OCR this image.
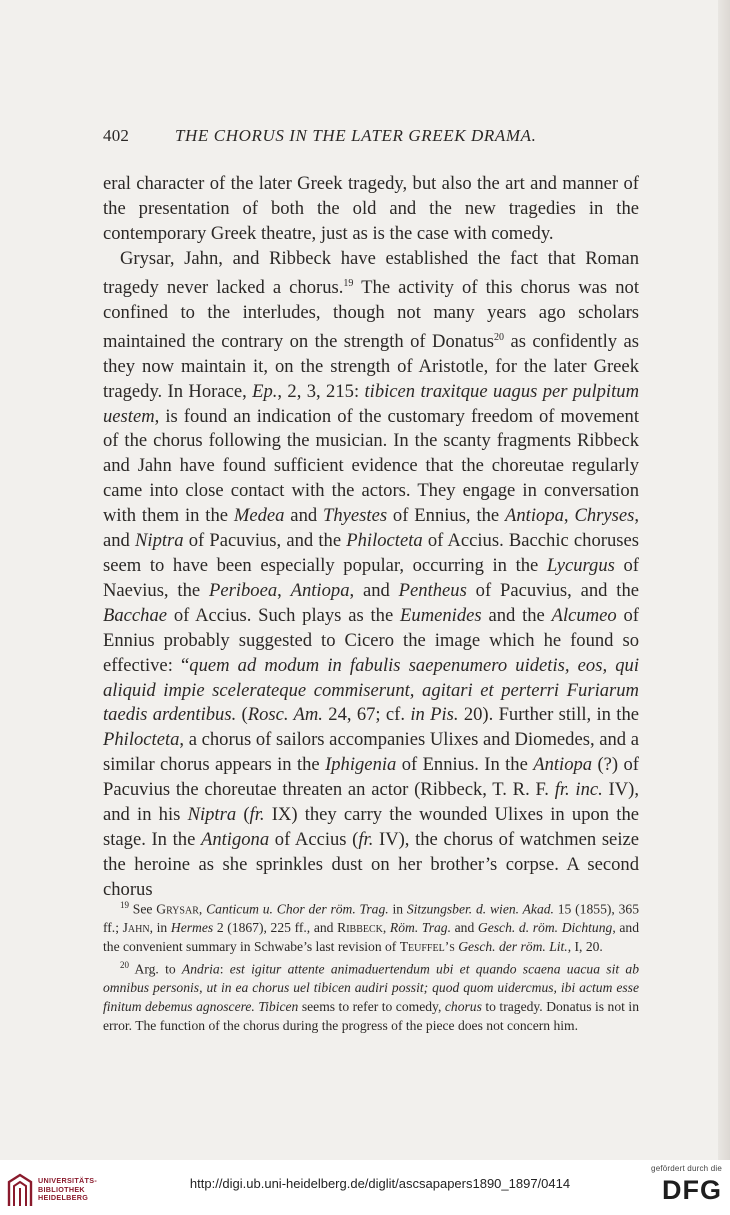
402	THE CHORUS IN THE LATER GREEK DRAMA.

eral character of the later Greek tragedy, but also the art and manner of the presentation of both the old and the new tragedies in the contemporary Greek theatre, just as is the case with comedy.

Grysar, Jahn, and Ribbeck have established the fact that Roman tragedy never lacked a chorus.$^{19}$ The activity of this chorus was not confined to the interludes, though not many years ago scholars maintained the contrary on the strength of Donatus$^{20}$ as confidently as they now maintain it, on the strength of Aristotle, for the later Greek tragedy. In Horace, Ep., 2, 3, 215: tibicen traxitque uagus per pulpitum uestem, is found an indication of the customary freedom of movement of the chorus following the musician. In the scanty fragments Ribbeck and Jahn have found sufficient evidence that the choreutae regularly came into close contact with the actors. They engage in conversation with them in the Medea and Thyestes of Ennius, the Antiopa, Chryses, and Niptra of Pacuvius, and the Philocteta of Accius. Bacchic choruses seem to have been especially popular, occurring in the Lycurgus of Naevius, the Periboea, Antiopa, and Pentheus of Pacuvius, and the Bacchae of Accius. Such plays as the Eumenides and the Alcumeo of Ennius probably suggested to Cicero the image which he found so effective: “quem ad modum in fabulis saepenumero uidetis, eos, qui aliquid impie scelerateque commiserunt, agitari et perterri Furiarum taedis ardentibus. (Rosc. Am. 24, 67; cf. in Pis. 20). Further still, in the Philocteta, a chorus of sailors accompanies Ulixes and Diomedes, and a similar chorus appears in the Iphigenia of Ennius. In the Antiopa (?) of Pacuvius the choreutae threaten an actor (Ribbeck, T. R. F. fr. inc. IV), and in his Niptra (fr. IX) they carry the wounded Ulixes in upon the stage. In the Antigona of Accius (fr. IV), the chorus of watchmen seize the heroine as she sprinkles dust on her brother’s corpse. A second chorus

$^{19}$ See Grysar, Canticum u. Chor der röm. Trag. in Sitzungsber. d. wien. Akad. 15 (1855), 365 ff.; Jahn, in Hermes 2 (1867), 225 ff., and Ribbeck, Röm. Trag. and Gesch. d. röm. Dichtung, and the convenient summary in Schwabe’s last revision of Teuffel’s Gesch. der röm. Lit., I, 20.

$^{20}$ Arg. to Andria: est igitur attente animaduertendum ubi et quando scaena uacua sit ab omnibus personis, ut in ea chorus uel tibicen audiri possit; quod quom uidercmus, ibi actum esse finitum debemus agnoscere. Tibicen seems to refer to comedy, chorus to tragedy. Donatus is not in error. The function of the chorus during the progress of the piece does not concern him.

UNIVERSITÄTS-
BIBLIOTHEK
HEIDELBERG
http://digi.ub.uni-heidelberg.de/diglit/ascsapapers1890_1897/0414
gefördert durch die
DFG
